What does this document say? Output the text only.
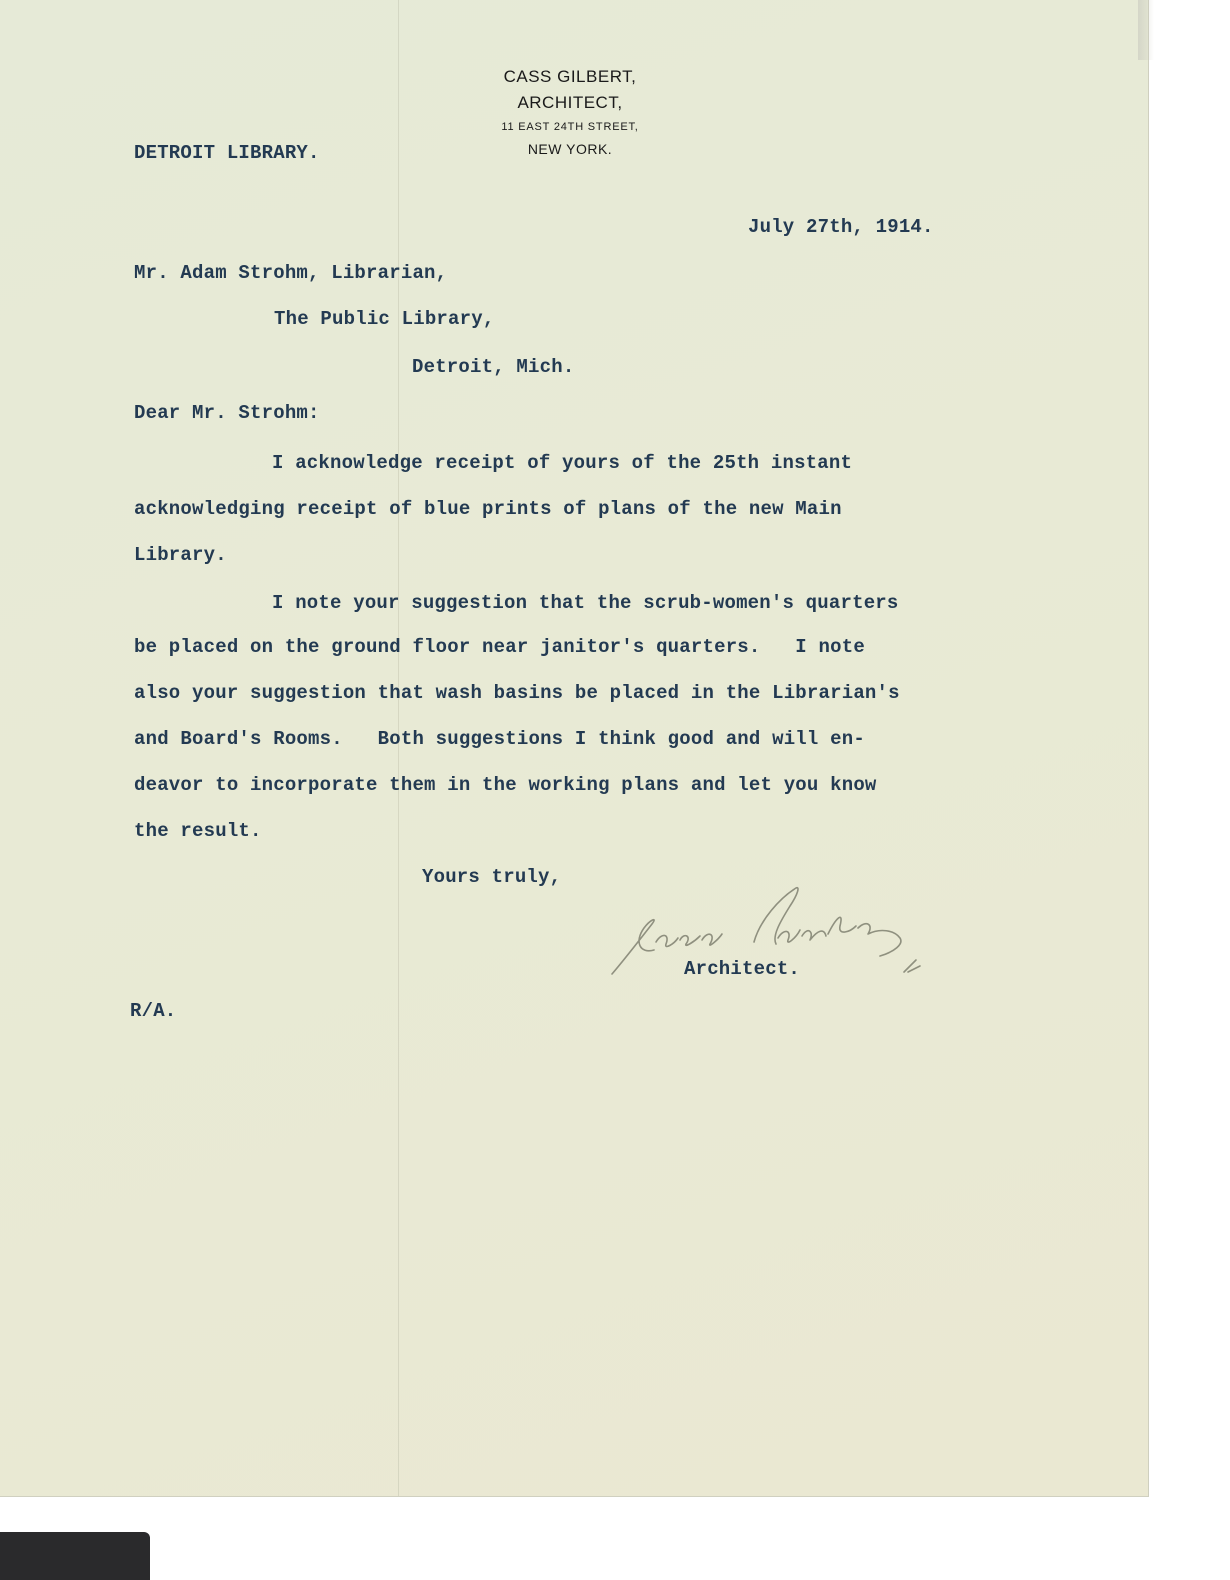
CASS GILBERT,
ARCHITECT,
11 EAST 24TH STREET,
NEW YORK.
DETROIT LIBRARY.
July 27th, 1914.
Mr. Adam Strohm, Librarian,
The Public Library,
Detroit, Mich.
Dear Mr. Strohm:
I acknowledge receipt of yours of the 25th instant
acknowledging receipt of blue prints of plans of the new Main
Library.
I note your suggestion that the scrub-women's quarters
be placed on the ground floor near janitor's quarters.   I note
also your suggestion that wash basins be placed in the Librarian's
and Board's Rooms.   Both suggestions I think good and will en-
deavor to incorporate them in the working plans and let you know
the result.
Yours truly,
Architect.
R/A.
